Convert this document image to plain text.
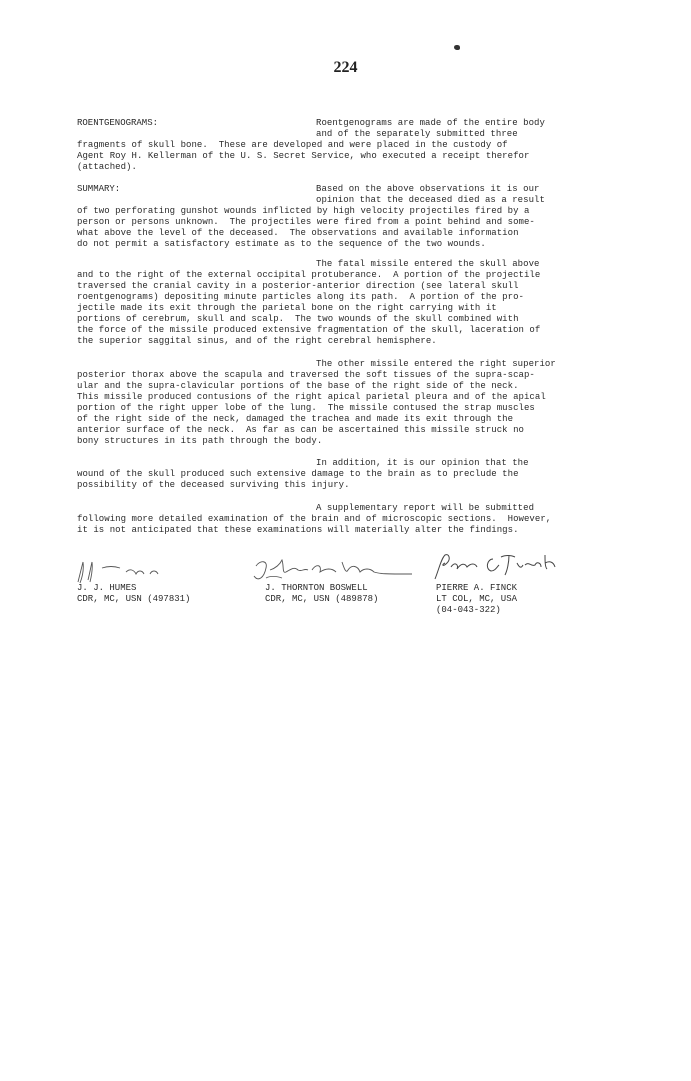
224
ROENTGENOGRAMS:	Roentgenograms are made of the entire body
and of the separately submitted three
fragments of skull bone.  These are developed and were placed in the custody of
Agent Roy H. Kellerman of the U. S. Secret Service, who executed a receipt therefor
(attached).
SUMMARY:	Based on the above observations it is our
opinion that the deceased died as a result
of two perforating gunshot wounds inflicted by high velocity projectiles fired by a
person or persons unknown.  The projectiles were fired from a point behind and some-
what above the level of the deceased.  The observations and available information
do not permit a satisfactory estimate as to the sequence of the two wounds.
The fatal missile entered the skull above
and to the right of the external occipital protuberance.  A portion of the projectile
traversed the cranial cavity in a posterior-anterior direction (see lateral skull
roentgenograms) depositing minute particles along its path.  A portion of the pro-
jectile made its exit through the parietal bone on the right carrying with it
portions of cerebrum, skull and scalp.  The two wounds of the skull combined with
the force of the missile produced extensive fragmentation of the skull, laceration of
the superior saggital sinus, and of the right cerebral hemisphere.
The other missile entered the right superior
posterior thorax above the scapula and traversed the soft tissues of the supra-scap-
ular and the supra-clavicular portions of the base of the right side of the neck.
This missile produced contusions of the right apical parietal pleura and of the apical
portion of the right upper lobe of the lung.  The missile contused the strap muscles
of the right side of the neck, damaged the trachea and made its exit through the
anterior surface of the neck.  As far as can be ascertained this missile struck no
bony structures in its path through the body.
In addition, it is our opinion that the
wound of the skull produced such extensive damage to the brain as to preclude the
possibility of the deceased surviving this injury.
A supplementary report will be submitted
following more detailed examination of the brain and of microscopic sections.  However,
it is not anticipated that these examinations will materially alter the findings.
J. J. HUMES
CDR, MC, USN (497831)
J. THORNTON BOSWELL
CDR, MC, USN (489878)
PIERRE A. FINCK
LT COL, MC, USA
(04-043-322)
